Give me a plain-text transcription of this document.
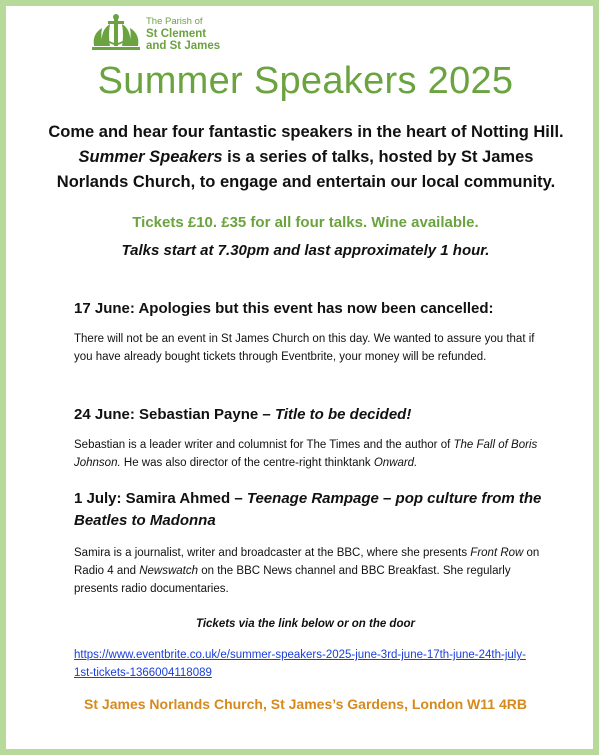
The Parish of
St Clement
and St James
Summer Speakers 2025
Come and hear four fantastic speakers in the heart of Notting Hill. Summer Speakers is a series of talks, hosted by St James Norlands Church, to engage and entertain our local community.
Tickets £10. £35 for all four talks. Wine available.
Talks start at 7.30pm and last approximately 1 hour.
17 June: Apologies but this event has now been cancelled:
There will not be an event in St James Church on this day. We wanted to assure you that if you have already bought tickets through Eventbrite, your money will be refunded.
24 June: Sebastian Payne – Title to be decided!
Sebastian is a leader writer and columnist for The Times and the author of The Fall of Boris Johnson. He was also director of the centre-right thinktank Onward.
1 July: Samira Ahmed – Teenage Rampage – pop culture from the Beatles to Madonna
Samira is a journalist, writer and broadcaster at the BBC, where she presents Front Row on Radio 4 and Newswatch on the BBC News channel and BBC Breakfast. She regularly presents radio documentaries.
Tickets via the link below or on the door
https://www.eventbrite.co.uk/e/summer-speakers-2025-june-3rd-june-17th-june-24th-july-1st-tickets-1366004118089
St James Norlands Church, St James’s Gardens, London W11 4RB
